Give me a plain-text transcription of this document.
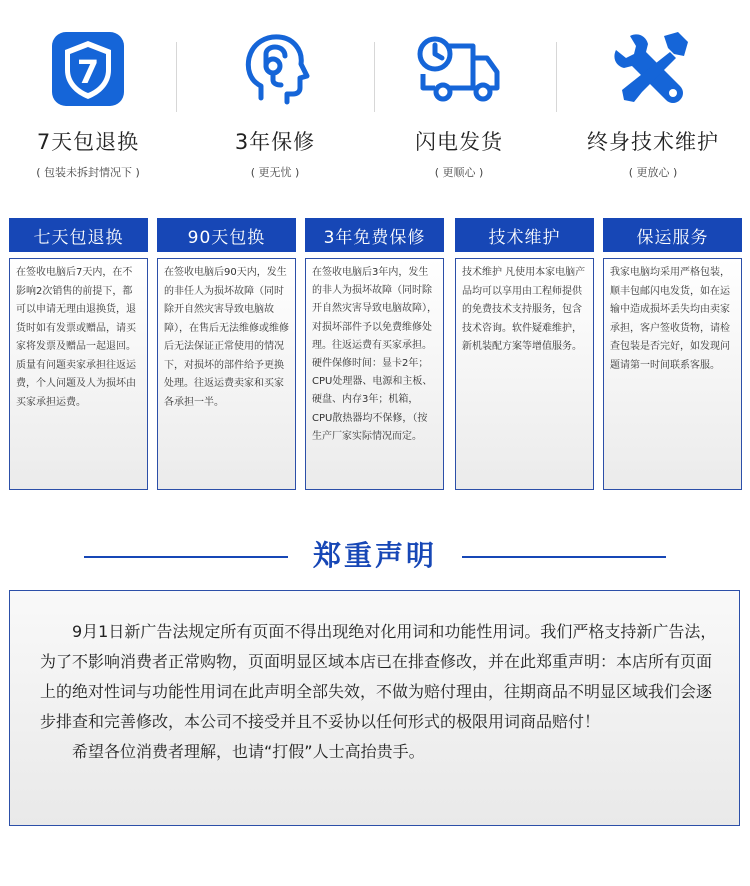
7
7天包退换
( 包装未拆封情况下 )
3年保修
( 更无忧 )
闪电发货
( 更顺心 )
终身技术维护
( 更放心 )
七天包退换
在签收电脑后7天内，在不影响2次销售的前提下，都可以申请无理由退换货，退货时如有发票或赠品，请买家将发票及赠品一起退回。质量有问题卖家承担往返运费，个人问题及人为损坏由买家承担运费。
90天包换
在签收电脑后90天内，发生的非任人为损坏故障（同时除开自然灾害导致电脑故障），在售后无法维修或维修后无法保证正常使用的情况下，对损坏的部件给予更换处理。往返运费卖家和买家各承担一半。
3年免费保修
在签收电脑后3年内，发生的非人为损坏故障（同时除开自然灾害导致电脑故障），对损坏部件予以免费维修处理。往返运费有买家承担。硬件保修时间：显卡2年；CPU处理器、电源和主板、硬盘、内存3年；机箱，CPU散热器均不保修，（按生产厂家实际情况而定。
技术维护
技术维护 凡使用本家电脑产品均可以享用由工程师提供的免费技术支持服务，包含技术咨询。软件疑难维护，新机装配方案等增值服务。
保运服务
我家电脑均采用严格包装，顺丰包邮闪电发货，如在运输中造成损坏丢失均由卖家承担，客户签收货物，请检查包装是否完好，如发现问题请第一时间联系客服。
郑重声明

9月1日新广告法规定所有页面不得出现绝对化用词和功能性用词。我们严格支持新广告法，为了不影响消费者正常购物，页面明显区域本店已在排查修改，并在此郑重声明：本店所有页面上的绝对性词与功能性用词在此声明全部失效，不做为赔付理由，往期商品不明显区域我们会逐步排查和完善修改，本公司不接受并且不妥协以任何形式的极限用词商品赔付！

希望各位消费者理解，也请“打假”人士高抬贵手。
